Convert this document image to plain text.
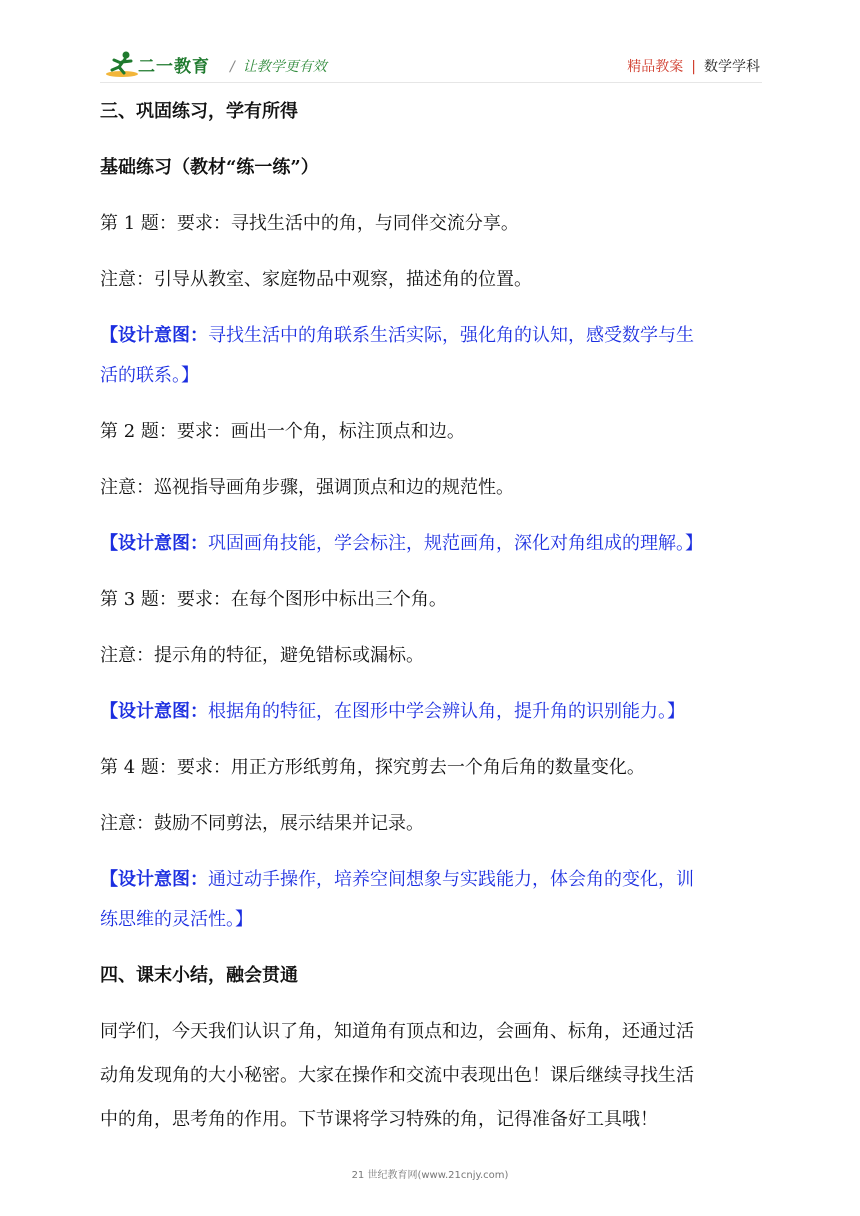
二一教育 / 让教学更有效	精品教案 | 数学学科

三、巩固练习，学有所得

基础练习（教材“练一练”）

第 1 题：要求：寻找生活中的角，与同伴交流分享。

注意：引导从教室、家庭物品中观察，描述角的位置。

【设计意图：寻找生活中的角联系生活实际，强化角的认知，感受数学与生

活的联系。】

第 2 题：要求：画出一个角，标注顶点和边。

注意：巡视指导画角步骤，强调顶点和边的规范性。

【设计意图：巩固画角技能，学会标注，规范画角，深化对角组成的理解。】

第 3 题：要求：在每个图形中标出三个角。

注意：提示角的特征，避免错标或漏标。

【设计意图：根据角的特征，在图形中学会辨认角，提升角的识别能力。】

第 4 题：要求：用正方形纸剪角，探究剪去一个角后角的数量变化。

注意：鼓励不同剪法，展示结果并记录。

【设计意图：通过动手操作，培养空间想象与实践能力，体会角的变化，训

练思维的灵活性。】

四、课末小结，融会贯通

同学们，今天我们认识了角，知道角有顶点和边，会画角、标角，还通过活

动角发现角的大小秘密。大家在操作和交流中表现出色！课后继续寻找生活

中的角，思考角的作用。下节课将学习特殊的角，记得准备好工具哦！

21 世纪教育网(www.21cnjy.com)
